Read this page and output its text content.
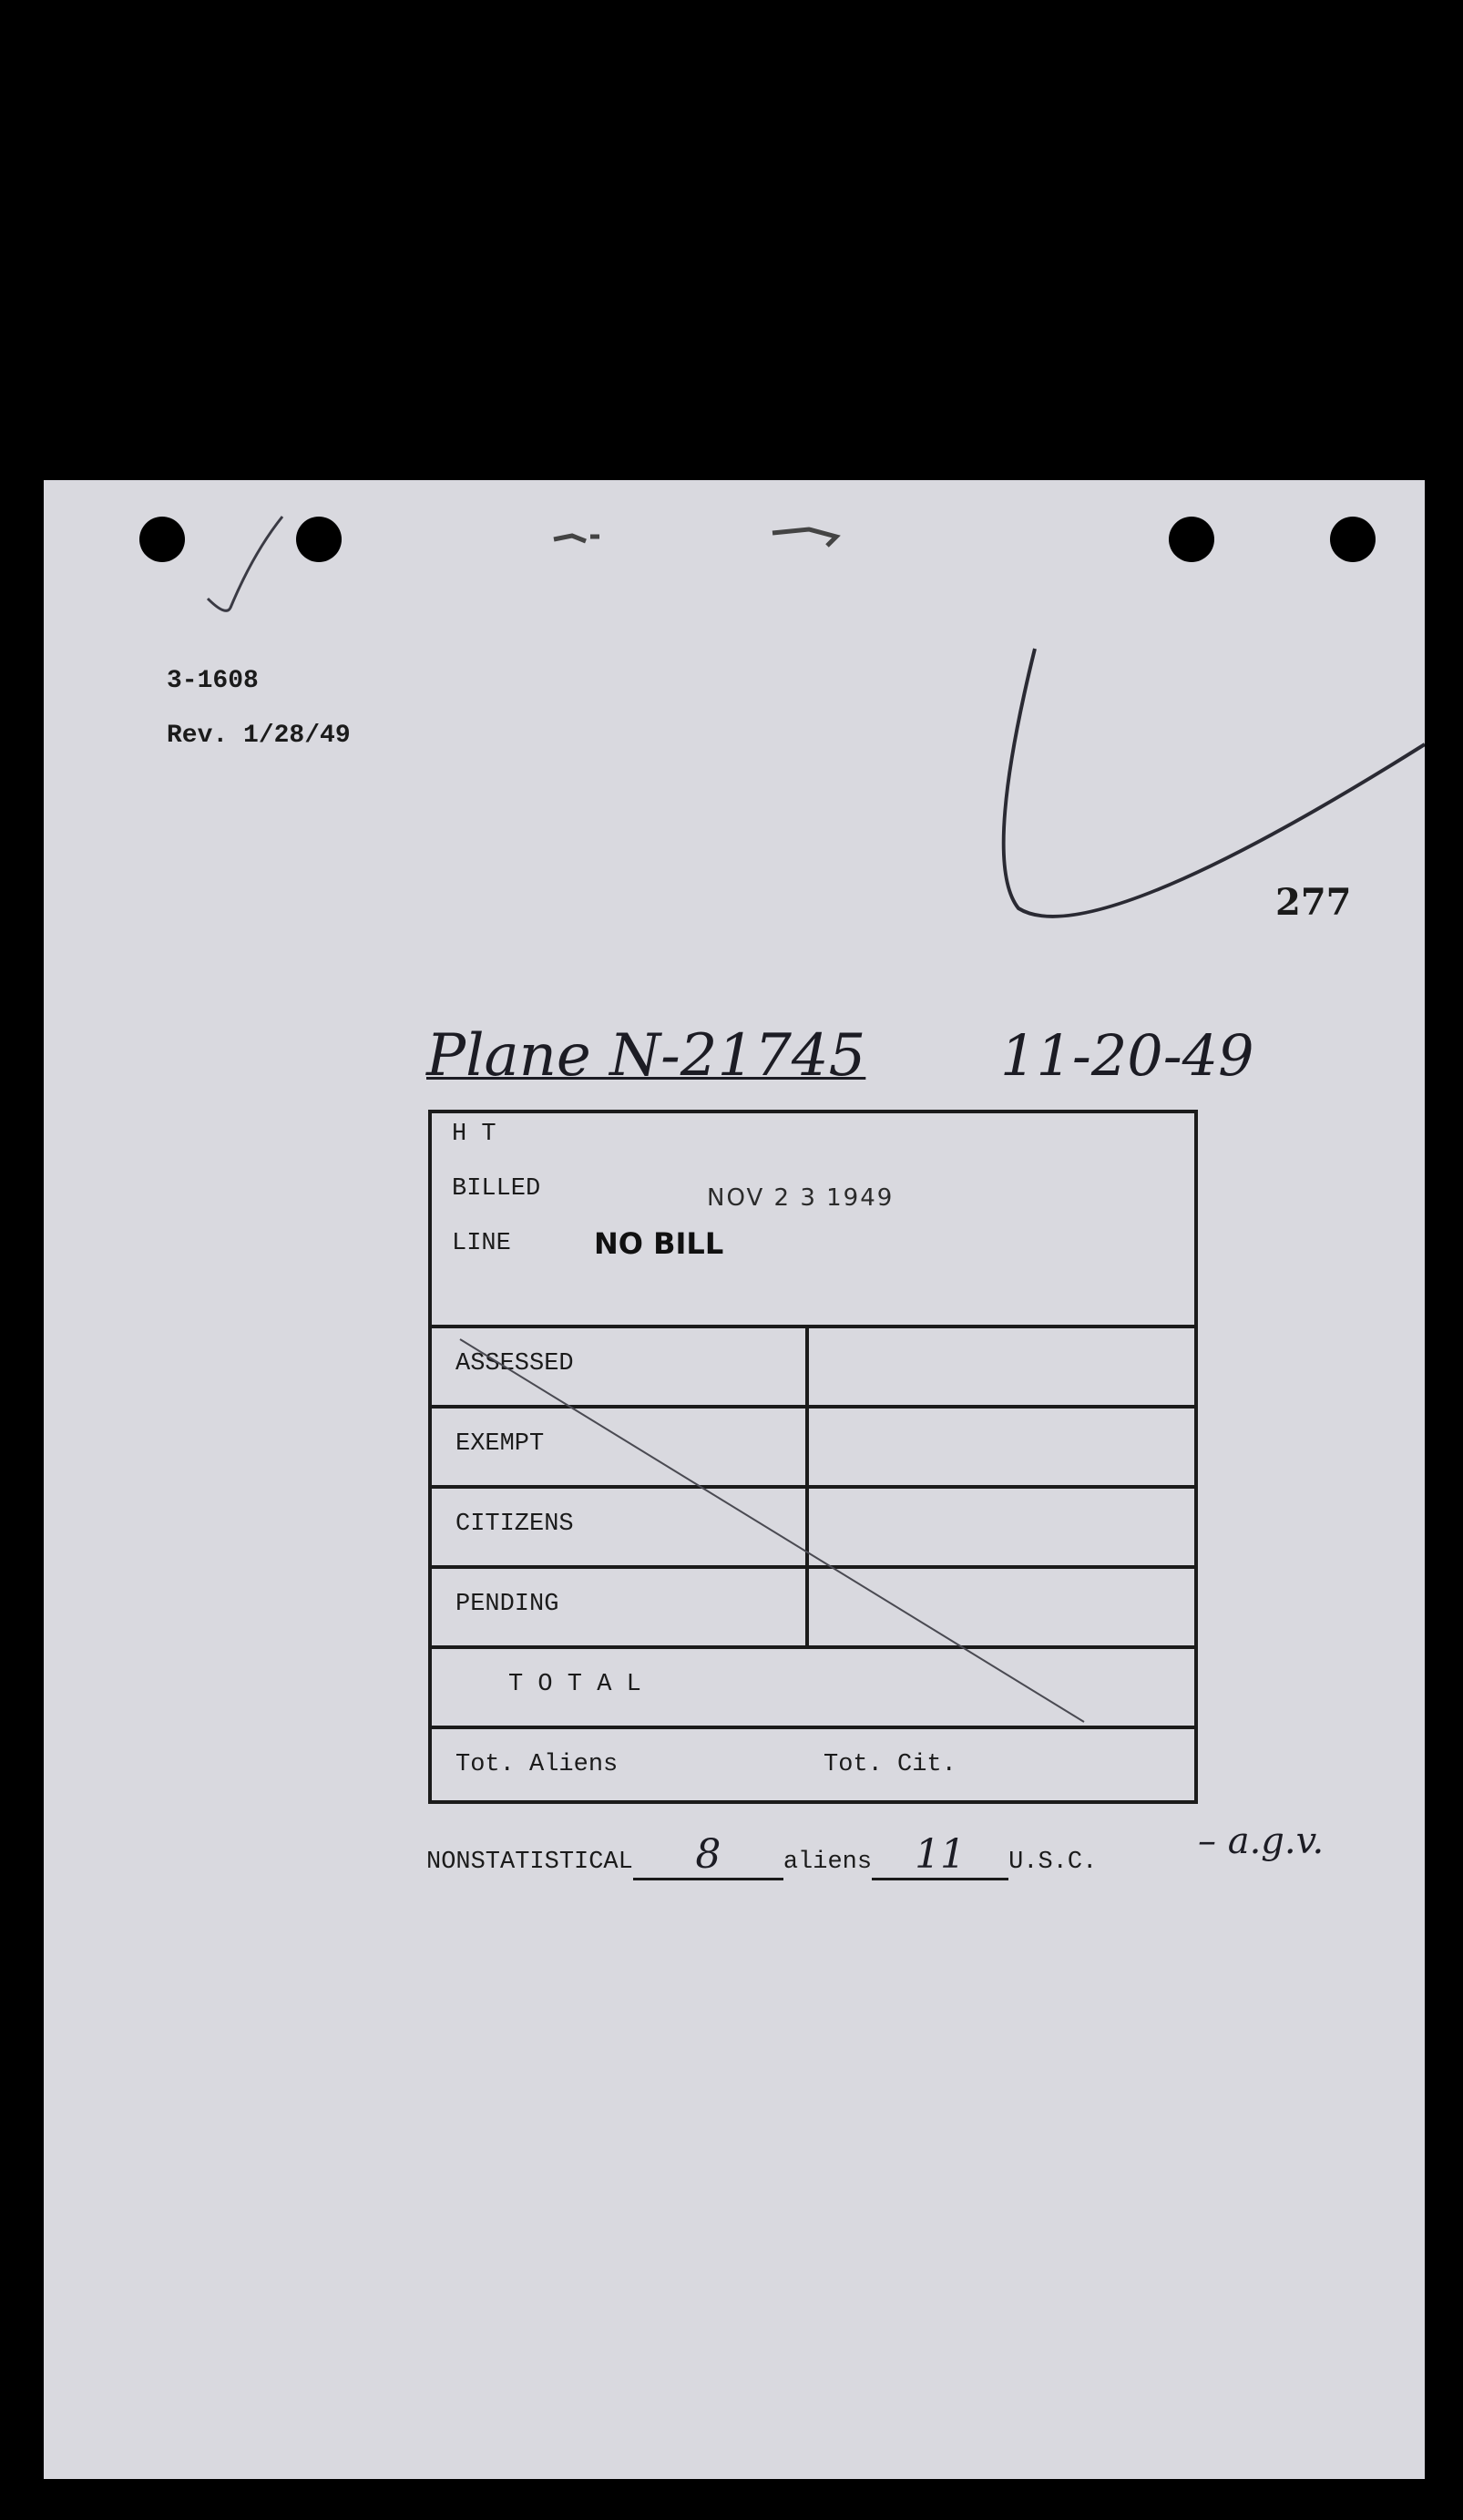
3-1608
Rev. 1/28/49
277
Plane N-21745 11-20-49
H T
BILLED	NOV 2 3 1949
LINE	NO BILL
ASSESSED
EXEMPT
CITIZENS
PENDING
T O T A L
Tot. Aliens	Tot. Cit.
NONSTATISTICAL 8	aliens 11 U.S.C.	– a.g.v.
